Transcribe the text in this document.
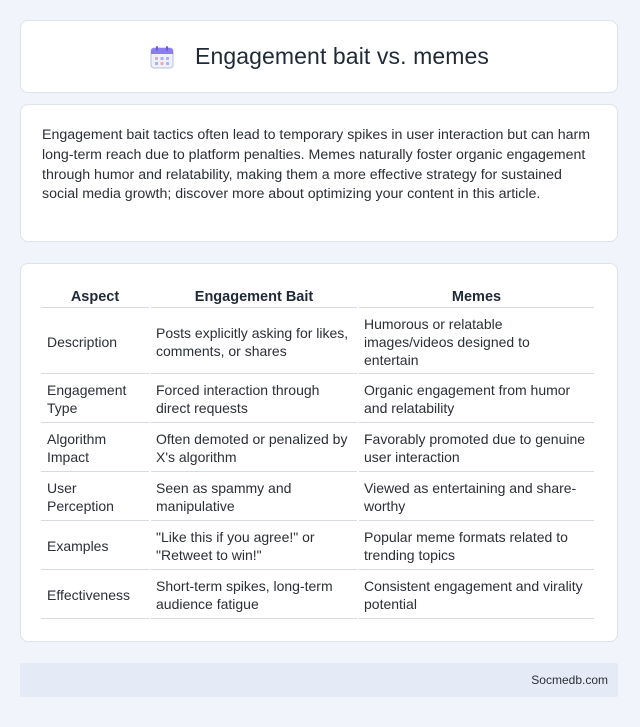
Engagement bait vs. memes

Engagement bait tactics often lead to temporary spikes in user interaction but can harm long-term reach due to platform penalties. Memes naturally foster organic engagement through humor and relatability, making them a more effective strategy for sustained social media growth; discover more about optimizing your content in this article.

Aspect	Engagement Bait	Memes
Description	Posts explicitly asking for likes, comments, or shares	Humorous or relatable images/videos designed to entertain
Engagement Type	Forced interaction through direct requests	Organic engagement from humor and relatability
Algorithm Impact	Often demoted or penalized by X's algorithm	Favorably promoted due to genuine user interaction
User Perception	Seen as spammy and manipulative	Viewed as entertaining and share-worthy
Examples	"Like this if you agree!" or "Retweet to win!"	Popular meme formats related to trending topics
Effectiveness	Short-term spikes, long-term audience fatigue	Consistent engagement and virality potential
Socmedb.com
